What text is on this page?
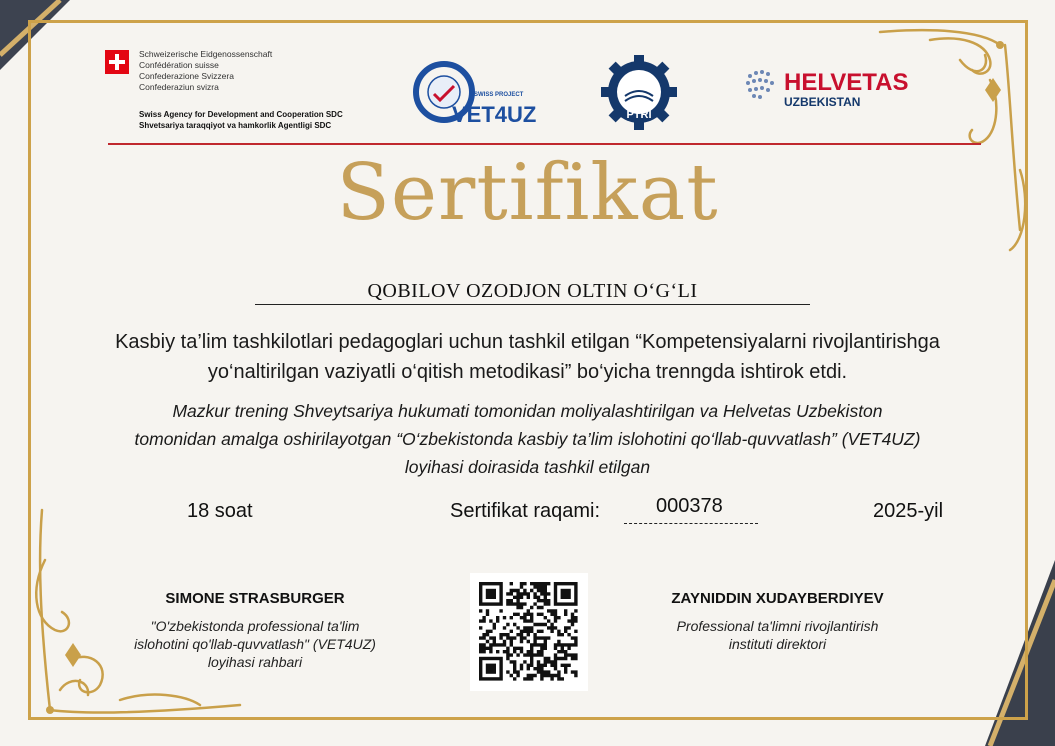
Schweizerische Eidgenossenschaft
Confédération suisse
Confederazione Svizzera
Confederaziun svizra
Swiss Agency for Development and Cooperation SDC
Shvetsariya taraqqiyot va hamkorlik Agentligi SDC
SWISS PROJECT
VET4UZ	PTRI
HELVETAS
UZBEKISTAN
Sertifikat
QOBILOV OZODJON OLTIN O‘G‘LI
Kasbiy ta’lim tashkilotlari pedagoglari uchun tashkil etilgan “Kompetensiyalarni rivojlantirishga yo‘naltirilgan vaziyatli o‘qitish metodikasi” bo‘yicha trenngda ishtirok etdi.
Mazkur trening Shveytsariya hukumati tomonidan moliyalashtirilgan va Helvetas Uzbekiston
tomonidan amalga oshirilayotgan “O‘zbekistonda kasbiy ta’lim islohotini qo‘llab-quvvatlash” (VET4UZ)
loyihasi doirasida tashkil etilgan
18 soat	Sertifikat raqami:	000378	2025-yil
SIMONE STRASBURGER
"O'zbekistonda professional ta'lim
islohotini qo'llab-quvvatlash" (VET4UZ)
loyihasi rahbari
ZAYNIDDIN XUDAYBERDIYEV
Professional ta'limni rivojlantirish
instituti direktori
